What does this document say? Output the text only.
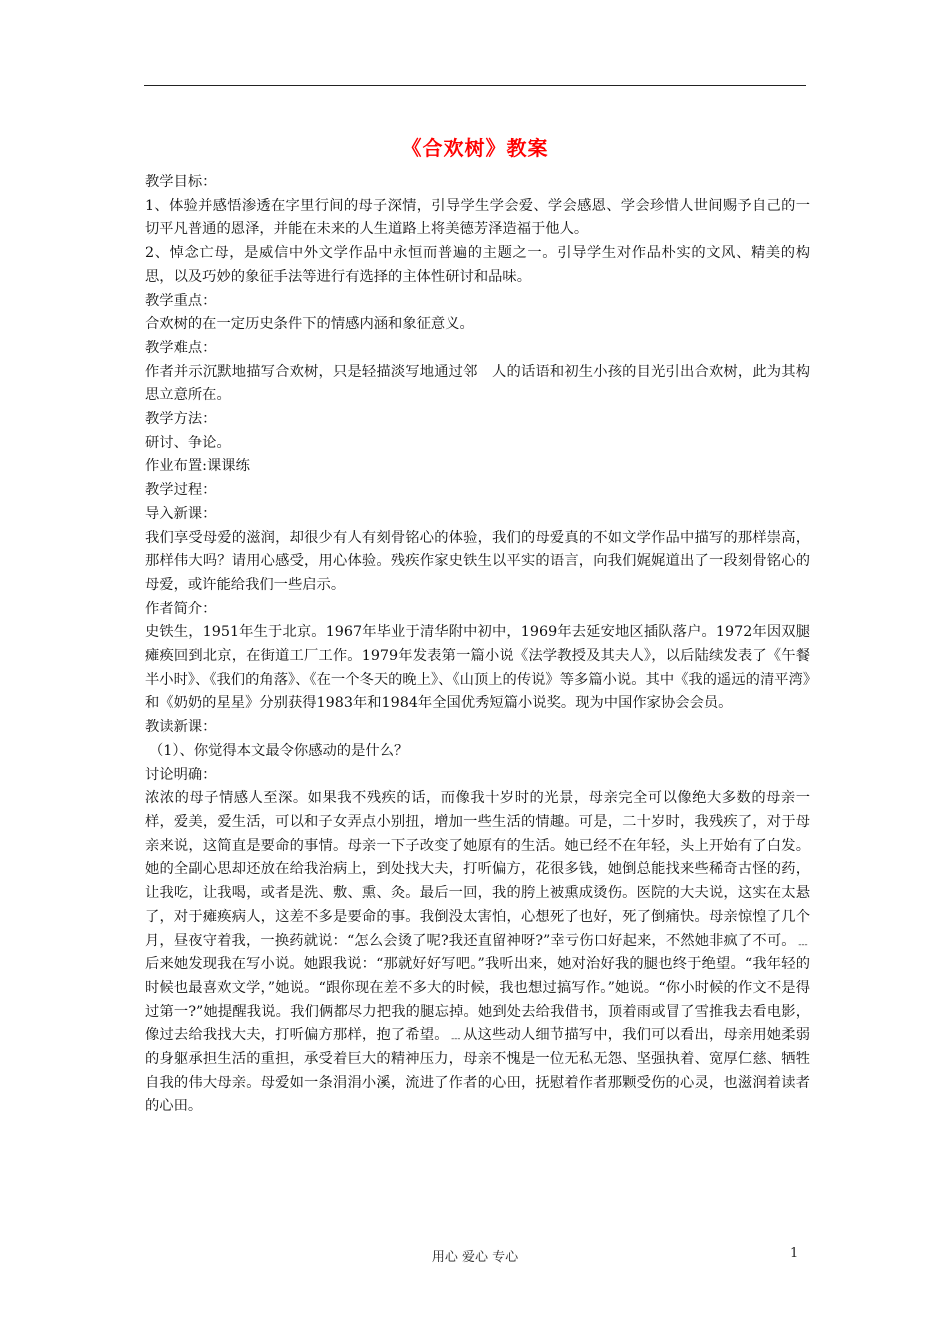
《合欢树》教案

教学目标：

1、体验并感悟渗透在字里行间的母子深情，引导学生学会爱、学会感恩、学会珍惜人世间赐予自己的一切平凡普通的恩泽，并能在未来的人生道路上将美德芳泽造福于他人。

2、悼念亡母，是威信中外文学作品中永恒而普遍的主题之一。引导学生对作品朴实的文风、精美的构思，以及巧妙的象征手法等进行有选择的主体性研讨和品味。

教学重点：

合欢树的在一定历史条件下的情感内涵和象征意义。

教学难点：

作者并示沉默地描写合欢树，只是轻描淡写地通过邻　人的话语和初生小孩的目光引出合欢树，此为其构思立意所在。

教学方法：

研讨、争论。

作业布置:课课练

教学过程：

导入新课：

我们享受母爱的滋润，却很少有人有刻骨铭心的体验，我们的母爱真的不如文学作品中描写的那样崇高，那样伟大吗？请用心感受，用心体验。残疾作家史铁生以平实的语言，向我们娓娓道出了一段刻骨铭心的母爱，或许能给我们一些启示。

作者简介：

史铁生，1951年生于北京。1967年毕业于清华附中初中，1969年去延安地区插队落户。1972年因双腿瘫痪回到北京，在街道工厂工作。1979年发表第一篇小说《法学教授及其夫人》，以后陆续发表了《午餐半小时》、《我们的角落》、《在一个冬天的晚上》、《山顶上的传说》等多篇小说。其中《我的遥远的清平湾》和《奶奶的星星》分别获得1983年和1984年全国优秀短篇小说奖。现为中国作家协会会员。

教读新课：

（1）、你觉得本文最令你感动的是什么？

讨论明确：

浓浓的母子情感人至深。如果我不残疾的话，而像我十岁时的光景，母亲完全可以像绝大多数的母亲一样，爱美，爱生活，可以和子女弄点小别扭，增加一些生活的情趣。可是，二十岁时，我残疾了，对于母亲来说，这简直是要命的事情。母亲一下子改变了她原有的生活。她已经不在年轻，头上开始有了白发。她的全副心思却还放在给我治病上，到处找大夫，打听偏方，花很多钱，她倒总能找来些稀奇古怪的药，让我吃，让我喝，或者是洗、敷、熏、灸。最后一回，我的胯上被熏成烫伤。医院的大夫说，这实在太悬了，对于瘫痪病人，这差不多是要命的事。我倒没太害怕，心想死了也好，死了倒痛快。母亲惊惶了几个月，昼夜守着我，一换药就说：“怎么会烫了呢?我还直留神呀?”幸亏伤口好起来，不然她非疯了不可。﹍后来她发现我在写小说。她跟我说：“那就好好写吧。”我听出来，她对治好我的腿也终于绝望。“我年轻的时候也最喜欢文学，”她说。“跟你现在差不多大的时候，我也想过搞写作。”她说。“你小时候的作文不是得过第一?”她提醒我说。我们俩都尽力把我的腿忘掉。她到处去给我借书，顶着雨或冒了雪推我去看电影，像过去给我找大夫，打听偏方那样，抱了希望。﹍从这些动人细节描写中，我们可以看出，母亲用她柔弱的身躯承担生活的重担，承受着巨大的精神压力，母亲不愧是一位无私无怨、坚强执着、宽厚仁慈、牺牲自我的伟大母亲。母爱如一条涓涓小溪，流进了作者的心田，抚慰着作者那颗受伤的心灵，也滋润着读者的心田。

用心 爱心 专心	1
